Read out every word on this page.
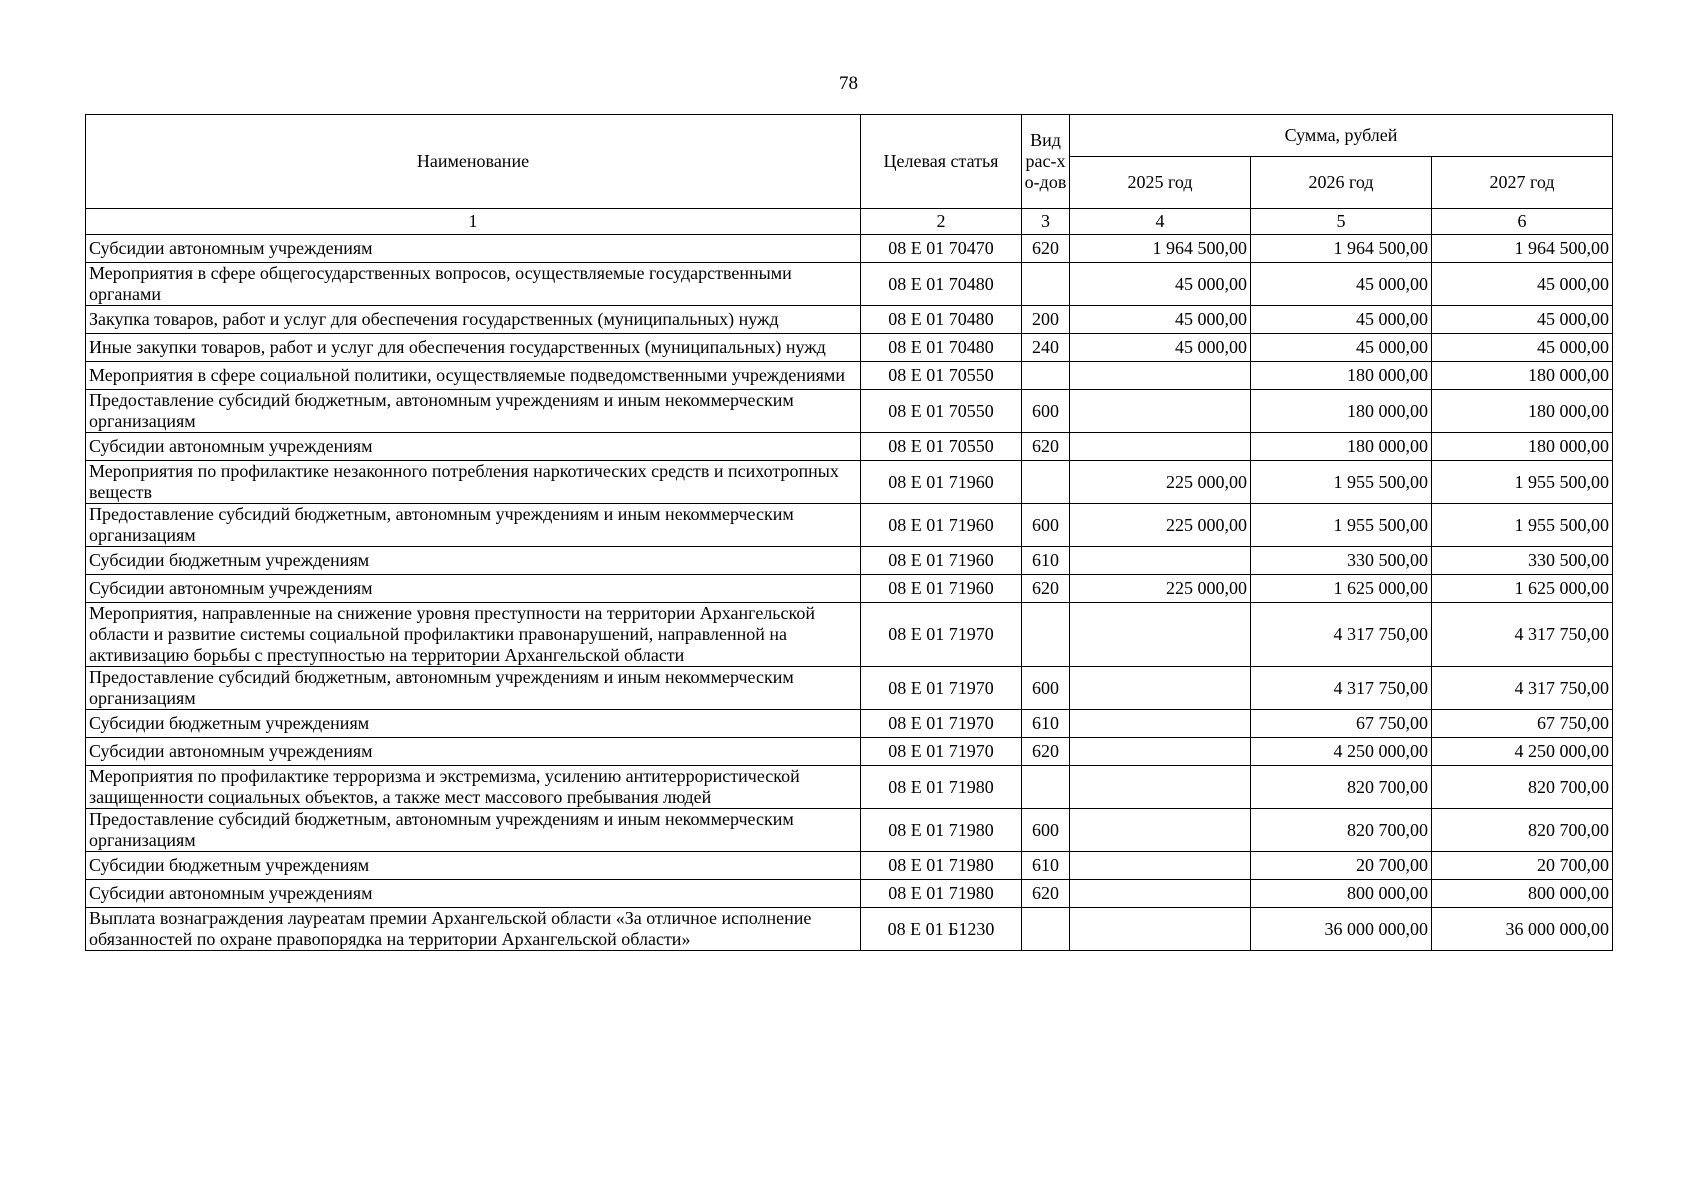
78
Наименование	Целевая статья	Вид рас-хо-дов	Сумма, рублей		
			2025 год	2026 год	2027 год
1	2	3	4	5	6
Субсидии автономным учреждениям	08 Е 01 70470	620	1 964 500,00	1 964 500,00	1 964 500,00
Мероприятия в сфере общегосударственных вопросов, осуществляемые государственными органами	08 Е 01 70480		45 000,00	45 000,00	45 000,00
Закупка товаров, работ и услуг для обеспечения государственных (муниципальных) нужд	08 Е 01 70480	200	45 000,00	45 000,00	45 000,00
Иные закупки товаров, работ и услуг для обеспечения государственных (муниципальных) нужд	08 Е 01 70480	240	45 000,00	45 000,00	45 000,00
Мероприятия в сфере социальной политики, осуществляемые подведомственными учреждениями	08 Е 01 70550			180 000,00	180 000,00
Предоставление субсидий бюджетным, автономным учреждениям и иным некоммерческим организациям	08 Е 01 70550	600		180 000,00	180 000,00
Субсидии автономным учреждениям	08 Е 01 70550	620		180 000,00	180 000,00
Мероприятия по профилактике незаконного потребления наркотических средств и психотропных веществ	08 Е 01 71960		225 000,00	1 955 500,00	1 955 500,00
Предоставление субсидий бюджетным, автономным учреждениям и иным некоммерческим организациям	08 Е 01 71960	600	225 000,00	1 955 500,00	1 955 500,00
Субсидии бюджетным учреждениям	08 Е 01 71960	610		330 500,00	330 500,00
Субсидии автономным учреждениям	08 Е 01 71960	620	225 000,00	1 625 000,00	1 625 000,00
Мероприятия, направленные на снижение уровня преступности на территории Архангельской области и развитие системы социальной профилактики правонарушений, направленной на активизацию борьбы с преступностью на территории Архангельской области	08 Е 01 71970			4 317 750,00	4 317 750,00
Предоставление субсидий бюджетным, автономным учреждениям и иным некоммерческим организациям	08 Е 01 71970	600		4 317 750,00	4 317 750,00
Субсидии бюджетным учреждениям	08 Е 01 71970	610		67 750,00	67 750,00
Субсидии автономным учреждениям	08 Е 01 71970	620		4 250 000,00	4 250 000,00
Мероприятия по профилактике терроризма и экстремизма, усилению антитеррористической защищенности социальных объектов, а также мест массового пребывания людей	08 Е 01 71980			820 700,00	820 700,00
Предоставление субсидий бюджетным, автономным учреждениям и иным некоммерческим организациям	08 Е 01 71980	600		820 700,00	820 700,00
Субсидии бюджетным учреждениям	08 Е 01 71980	610		20 700,00	20 700,00
Субсидии автономным учреждениям	08 Е 01 71980	620		800 000,00	800 000,00
Выплата вознаграждения лауреатам премии Архангельской области «За отличное исполнение обязанностей по охране правопорядка на территории Архангельской области»	08 Е 01 Б1230			36 000 000,00	36 000 000,00
